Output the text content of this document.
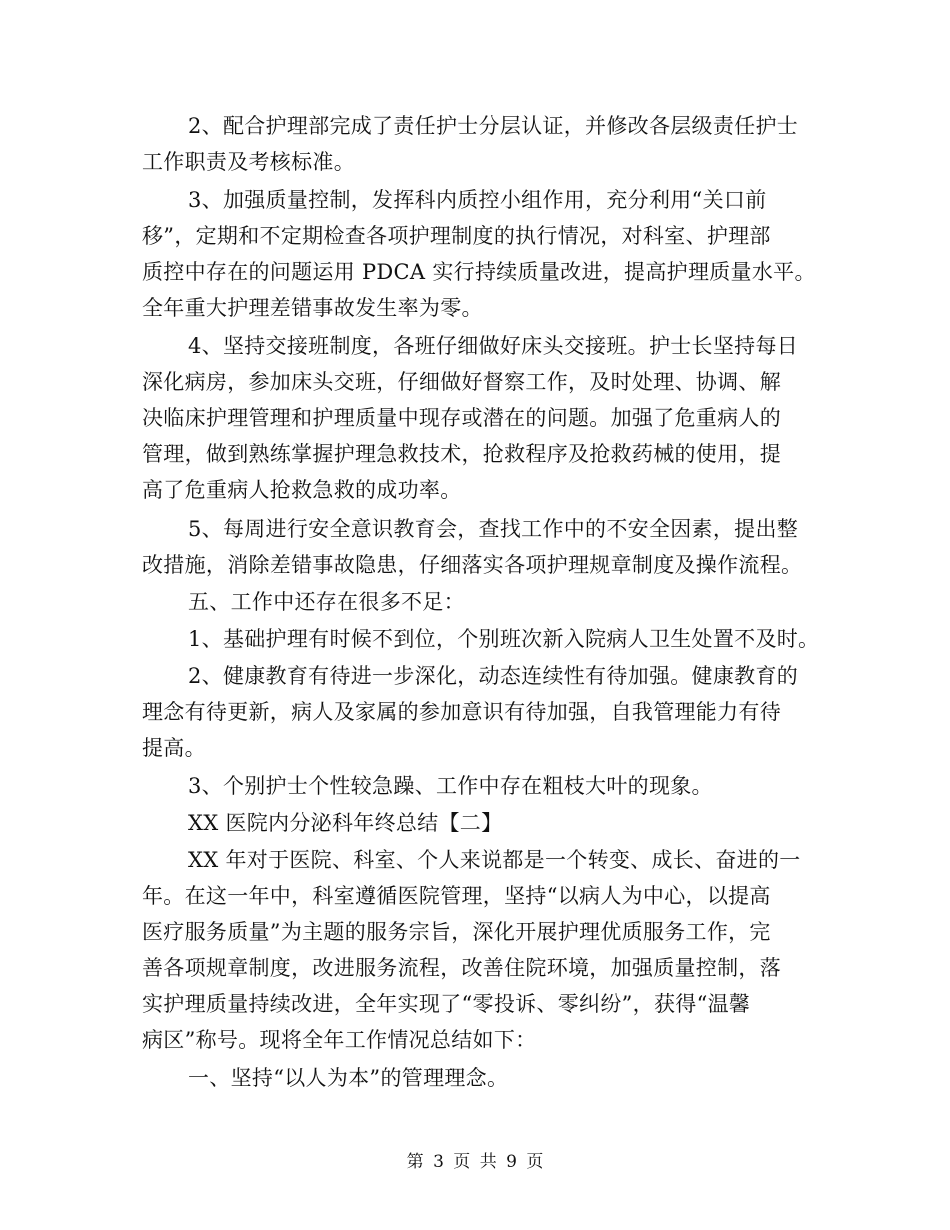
2、配合护理部完成了责任护士分层认证，并修改各层级责任护士
工作职责及考核标准。
3、加强质量控制，发挥科内质控小组作用，充分利用“关口前
移”，定期和不定期检查各项护理制度的执行情况，对科室、护理部
质控中存在的问题运用 PDCA 实行持续质量改进，提高护理质量水平。
全年重大护理差错事故发生率为零。
4、坚持交接班制度，各班仔细做好床头交接班。护士长坚持每日
深化病房，参加床头交班，仔细做好督察工作，及时处理、协调、解
决临床护理管理和护理质量中现存或潜在的问题。加强了危重病人的
管理，做到熟练掌握护理急救技术，抢救程序及抢救药械的使用，提
高了危重病人抢救急救的成功率。
5、每周进行安全意识教育会，查找工作中的不安全因素，提出整
改措施，消除差错事故隐患，仔细落实各项护理规章制度及操作流程。
五、工作中还存在很多不足：
1、基础护理有时候不到位，个别班次新入院病人卫生处置不及时。
2、健康教育有待进一步深化，动态连续性有待加强。健康教育的
理念有待更新，病人及家属的参加意识有待加强，自我管理能力有待
提高。
3、个别护士个性较急躁、工作中存在粗枝大叶的现象。
XX 医院内分泌科年终总结【二】
XX 年对于医院、科室、个人来说都是一个转变、成长、奋进的一
年。在这一年中，科室遵循医院管理，坚持“以病人为中心，以提高
医疗服务质量”为主题的服务宗旨，深化开展护理优质服务工作，完
善各项规章制度，改进服务流程，改善住院环境，加强质量控制，落
实护理质量持续改进，全年实现了“零投诉、零纠纷”，获得“温馨
病区”称号。现将全年工作情况总结如下：
一、坚持“以人为本”的管理理念。
第 3 页 共 9 页
